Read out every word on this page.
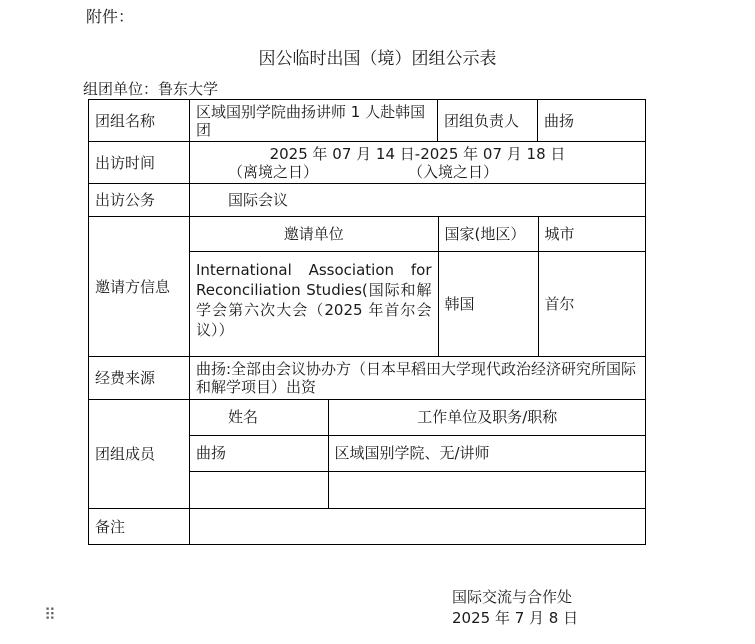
附件：
因公临时出国（境）团组公示表
组团单位：鲁东大学
团组名称	区域国别学院曲扬讲师 1 人赴韩国团	团组负责人	曲扬
出访时间	2025 年 07 月 14 日-2025 年 07 月 18 日
（离境之日）	（入境之日）

出访公务	国际会议
邀请方信息	
邀请单位	国家(地区）	城市
International Association for Reconciliation Studies(国际和解学会第六次大会（2025 年首尔会议））	韩国	首尔

经费来源	曲扬:全部由会议协办方（日本早稻田大学现代政治经济研究所国际和解学项目）出资
团组成员	
姓名	工作单位及职务/职称
曲扬	区域国别学院、无/讲师

备注	
国际交流与合作处
2025 年 7 月 8 日
⠿
